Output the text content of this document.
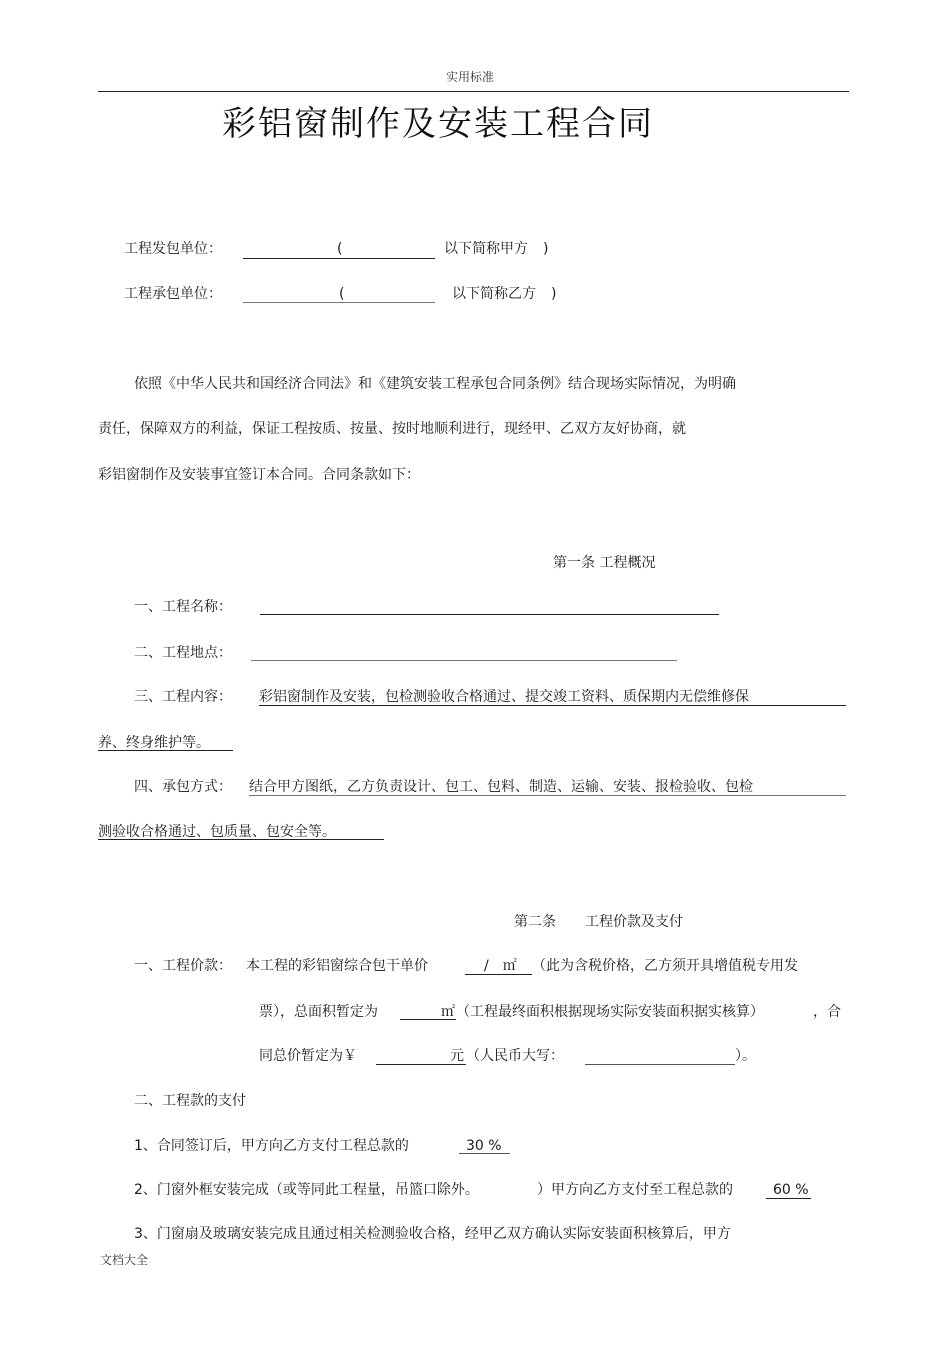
实用标准
彩铝窗制作及安装工程合同
工程发包单位：	(	以下简称甲方 )
工程承包单位：	(	以下简称乙方 )
依照《中华人民共和国经济合同法》和《建筑安装工程承包合同条例》结合现场实际情况，为明确
责任，保障双方的利益，保证工程按质、按量、按时地顺利进行，现经甲、乙双方友好协商，就
彩铝窗制作及安装事宜签订本合同。合同条款如下：
第一条 工程概况
一、工程名称：
二、工程地点：
三、工程内容： 彩铝窗制作及安装，包检测验收合格通过、提交竣工资料、质保期内无偿维修保
养、终身维护等。
四、承包方式： 结合甲方图纸，乙方负责设计、包工、包料、制造、运输、安装、报检验收、包检
测验收合格通过、包质量、包安全等。
第二条 工程价款及支付
一、工程价款： 本工程的彩铝窗综合包干单价	/　㎡ （此为含税价格，乙方须开具增值税专用发
票），总面积暂定为	㎡ （工程最终面积根据现场实际安装面积据实核算）	，合
同总价暂定为￥	元 （人民币大写：	）。
二、工程款的支付
1、合同签订后，甲方向乙方支付工程总款的	30 %
2、门窗外框安装完成（或等同此工程量，吊篮口除外。	）甲方向乙方支付至工程总款的	60 %
3、门窗扇及玻璃安装完成且通过相关检测验收合格，经甲乙双方确认实际安装面积核算后，甲方
文档大全
